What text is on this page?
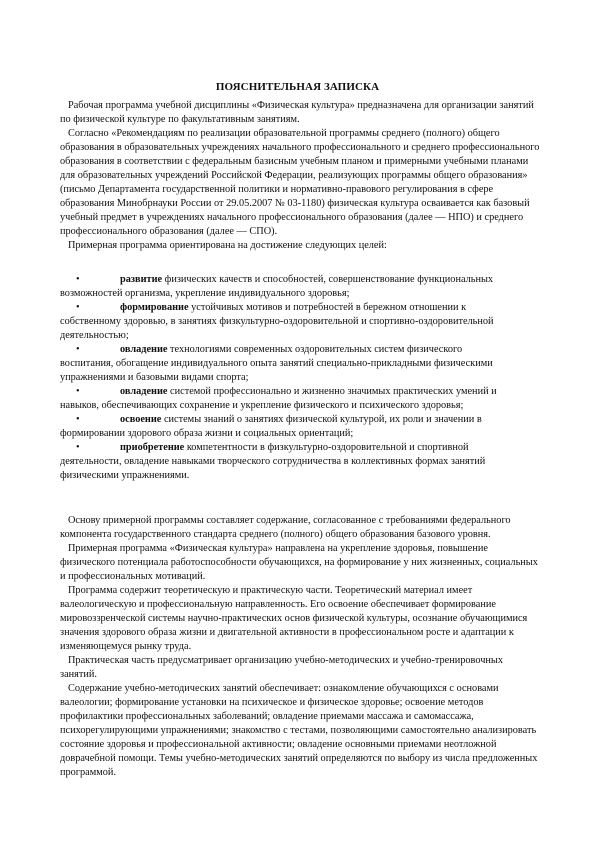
ПОЯСНИТЕЛЬНАЯ ЗАПИСКА

Рабочая программа учебной дисциплины «Физическая культура» предназначена для организации занятий по физической культуре по факультативным занятиям.

Согласно «Рекомендациям по реализации образовательной программы среднего (полного) общего образования в образовательных учреждениях начального профессионального и среднего профессионального образования в соответствии с федеральным базисным учебным планом и примерными учебными планами для образовательных учреждений Российской Федерации, реализующих программы общего образования» (письмо Департамента государственной политики и нормативно-правового регулирования в сфере образования Минобрнауки России от 29.05.2007 № 03-1180) физическая культура осваивается как базовый учебный предмет в учреждениях начального профессионального образования (далее — НПО) и среднего профессионального образования (далее — СПО).

Примерная программа ориентирована на достижение следующих целей:

•	развитие физических качеств и способностей, совершенствование функциональных
возможностей организма, укрепление индивидуального здоровья;
•	формирование устойчивых мотивов и потребностей в бережном отношении к
собственному здоровью, в занятиях физкультурно-оздоровительной и спортивно-оздоровительной деятельностью;
•	овладение технологиями современных оздоровительных систем физического
воспитания, обогащение индивидуального опыта занятий специально-прикладными физическими упражнениями и базовыми видами спорта;
•	овладение системой профессионально и жизненно значимых практических умений и
навыков, обеспечивающих сохранение и укрепление физического и психического здоровья;
•	освоение системы знаний о занятиях физической культурой, их роли и значении в
формировании здорового образа жизни и социальных ориентаций;
•	приобретение компетентности в физкультурно-оздоровительной и спортивной
деятельности, овладение навыками творческого сотрудничества в коллективных формах занятий физическими упражнениями.

Основу примерной программы составляет содержание, согласованное с требованиями федерального компонента государственного стандарта среднего (полного) общего образования базового уровня.

Примерная программа «Физическая культура» направлена на укрепление здоровья, повышение физического потенциала работоспособности обучающихся, на формирование у них жизненных, социальных и профессиональных мотиваций.

Программа содержит теоретическую и практическую части. Теоретический материал имеет валеологическую и профессиональную направленность. Его освоение обеспечивает формирование мировоззренческой системы научно-практических основ физической культуры, осознание обучающимися значения здорового образа жизни и двигательной активности в профессиональном росте и адаптации к изменяющемуся рынку труда.

Практическая часть предусматривает организацию учебно-методических и учебно-тренировочных занятий.

Содержание учебно-методических занятий обеспечивает: ознакомление обучающихся с основами валеологии; формирование установки на психическое и физическое здоровье; освоение методов профилактики профессиональных заболеваний; овладение приемами массажа и самомассажа, психорегулирующими упражнениями; знакомство с тестами, позволяющими самостоятельно анализировать состояние здоровья и профессиональной активности; овладение основными приемами неотложной доврачебной помощи. Темы учебно-методических занятий определяются по выбору из числа предложенных программой.
